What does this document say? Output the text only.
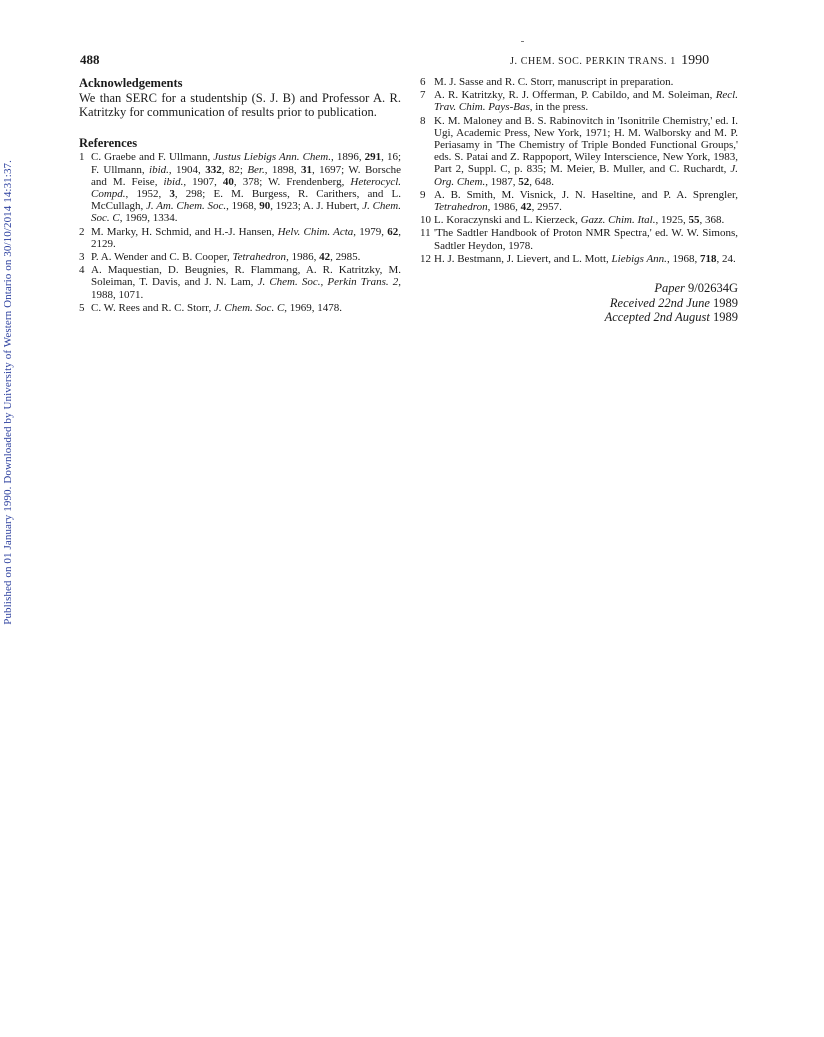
Published on 01 January 1990. Downloaded by University of Western Ontario on 30/10/2014 14:31:37.
488	J. CHEM. SOC. PERKIN TRANS. 1 1990
Acknowledgements

We than SERC for a studentship (S. J. B) and Professor A. R. Katritzky for communication of results prior to publication.

References
1 C. Graebe and F. Ullmann, Justus Liebigs Ann. Chem., 1896, 291, 16; F. Ullmann, ibid., 1904, 332, 82; Ber., 1898, 31, 1697; W. Borsche and M. Feise, ibid., 1907, 40, 378; W. Frendenberg, Heterocycl. Compd., 1952, 3, 298; E. M. Burgess, R. Carithers, and L. McCullagh, J. Am. Chem. Soc., 1968, 90, 1923; A. J. Hubert, J. Chem. Soc. C, 1969, 1334.
2 M. Marky, H. Schmid, and H.-J. Hansen, Helv. Chim. Acta, 1979, 62, 2129.
3 P. A. Wender and C. B. Cooper, Tetrahedron, 1986, 42, 2985.
4 A. Maquestian, D. Beugnies, R. Flammang, A. R. Katritzky, M. Soleiman, T. Davis, and J. N. Lam, J. Chem. Soc., Perkin Trans. 2, 1988, 1071.
5 C. W. Rees and R. C. Storr, J. Chem. Soc. C, 1969, 1478.
6 M. J. Sasse and R. C. Storr, manuscript in preparation.
7 A. R. Katritzky, R. J. Offerman, P. Cabildo, and M. Soleiman, Recl. Trav. Chim. Pays-Bas, in the press.
8 K. M. Maloney and B. S. Rabinovitch in 'Isonitrile Chemistry,' ed. I. Ugi, Academic Press, New York, 1971; H. M. Walborsky and M. P. Periasamy in 'The Chemistry of Triple Bonded Functional Groups,' eds. S. Patai and Z. Rappoport, Wiley Interscience, New York, 1983, Part 2, Suppl. C, p. 835; M. Meier, B. Muller, and C. Ruchardt, J. Org. Chem., 1987, 52, 648.
9 A. B. Smith, M. Visnick, J. N. Haseltine, and P. A. Sprengler, Tetrahedron, 1986, 42, 2957.
10 L. Koraczynski and L. Kierzeck, Gazz. Chim. Ital., 1925, 55, 368.
11 'The Sadtler Handbook of Proton NMR Spectra,' ed. W. W. Simons, Sadtler Heydon, 1978.
12 H. J. Bestmann, J. Lievert, and L. Mott, Liebigs Ann., 1968, 718, 24.
Paper 9/02634G
Received 22nd June 1989
Accepted 2nd August 1989
